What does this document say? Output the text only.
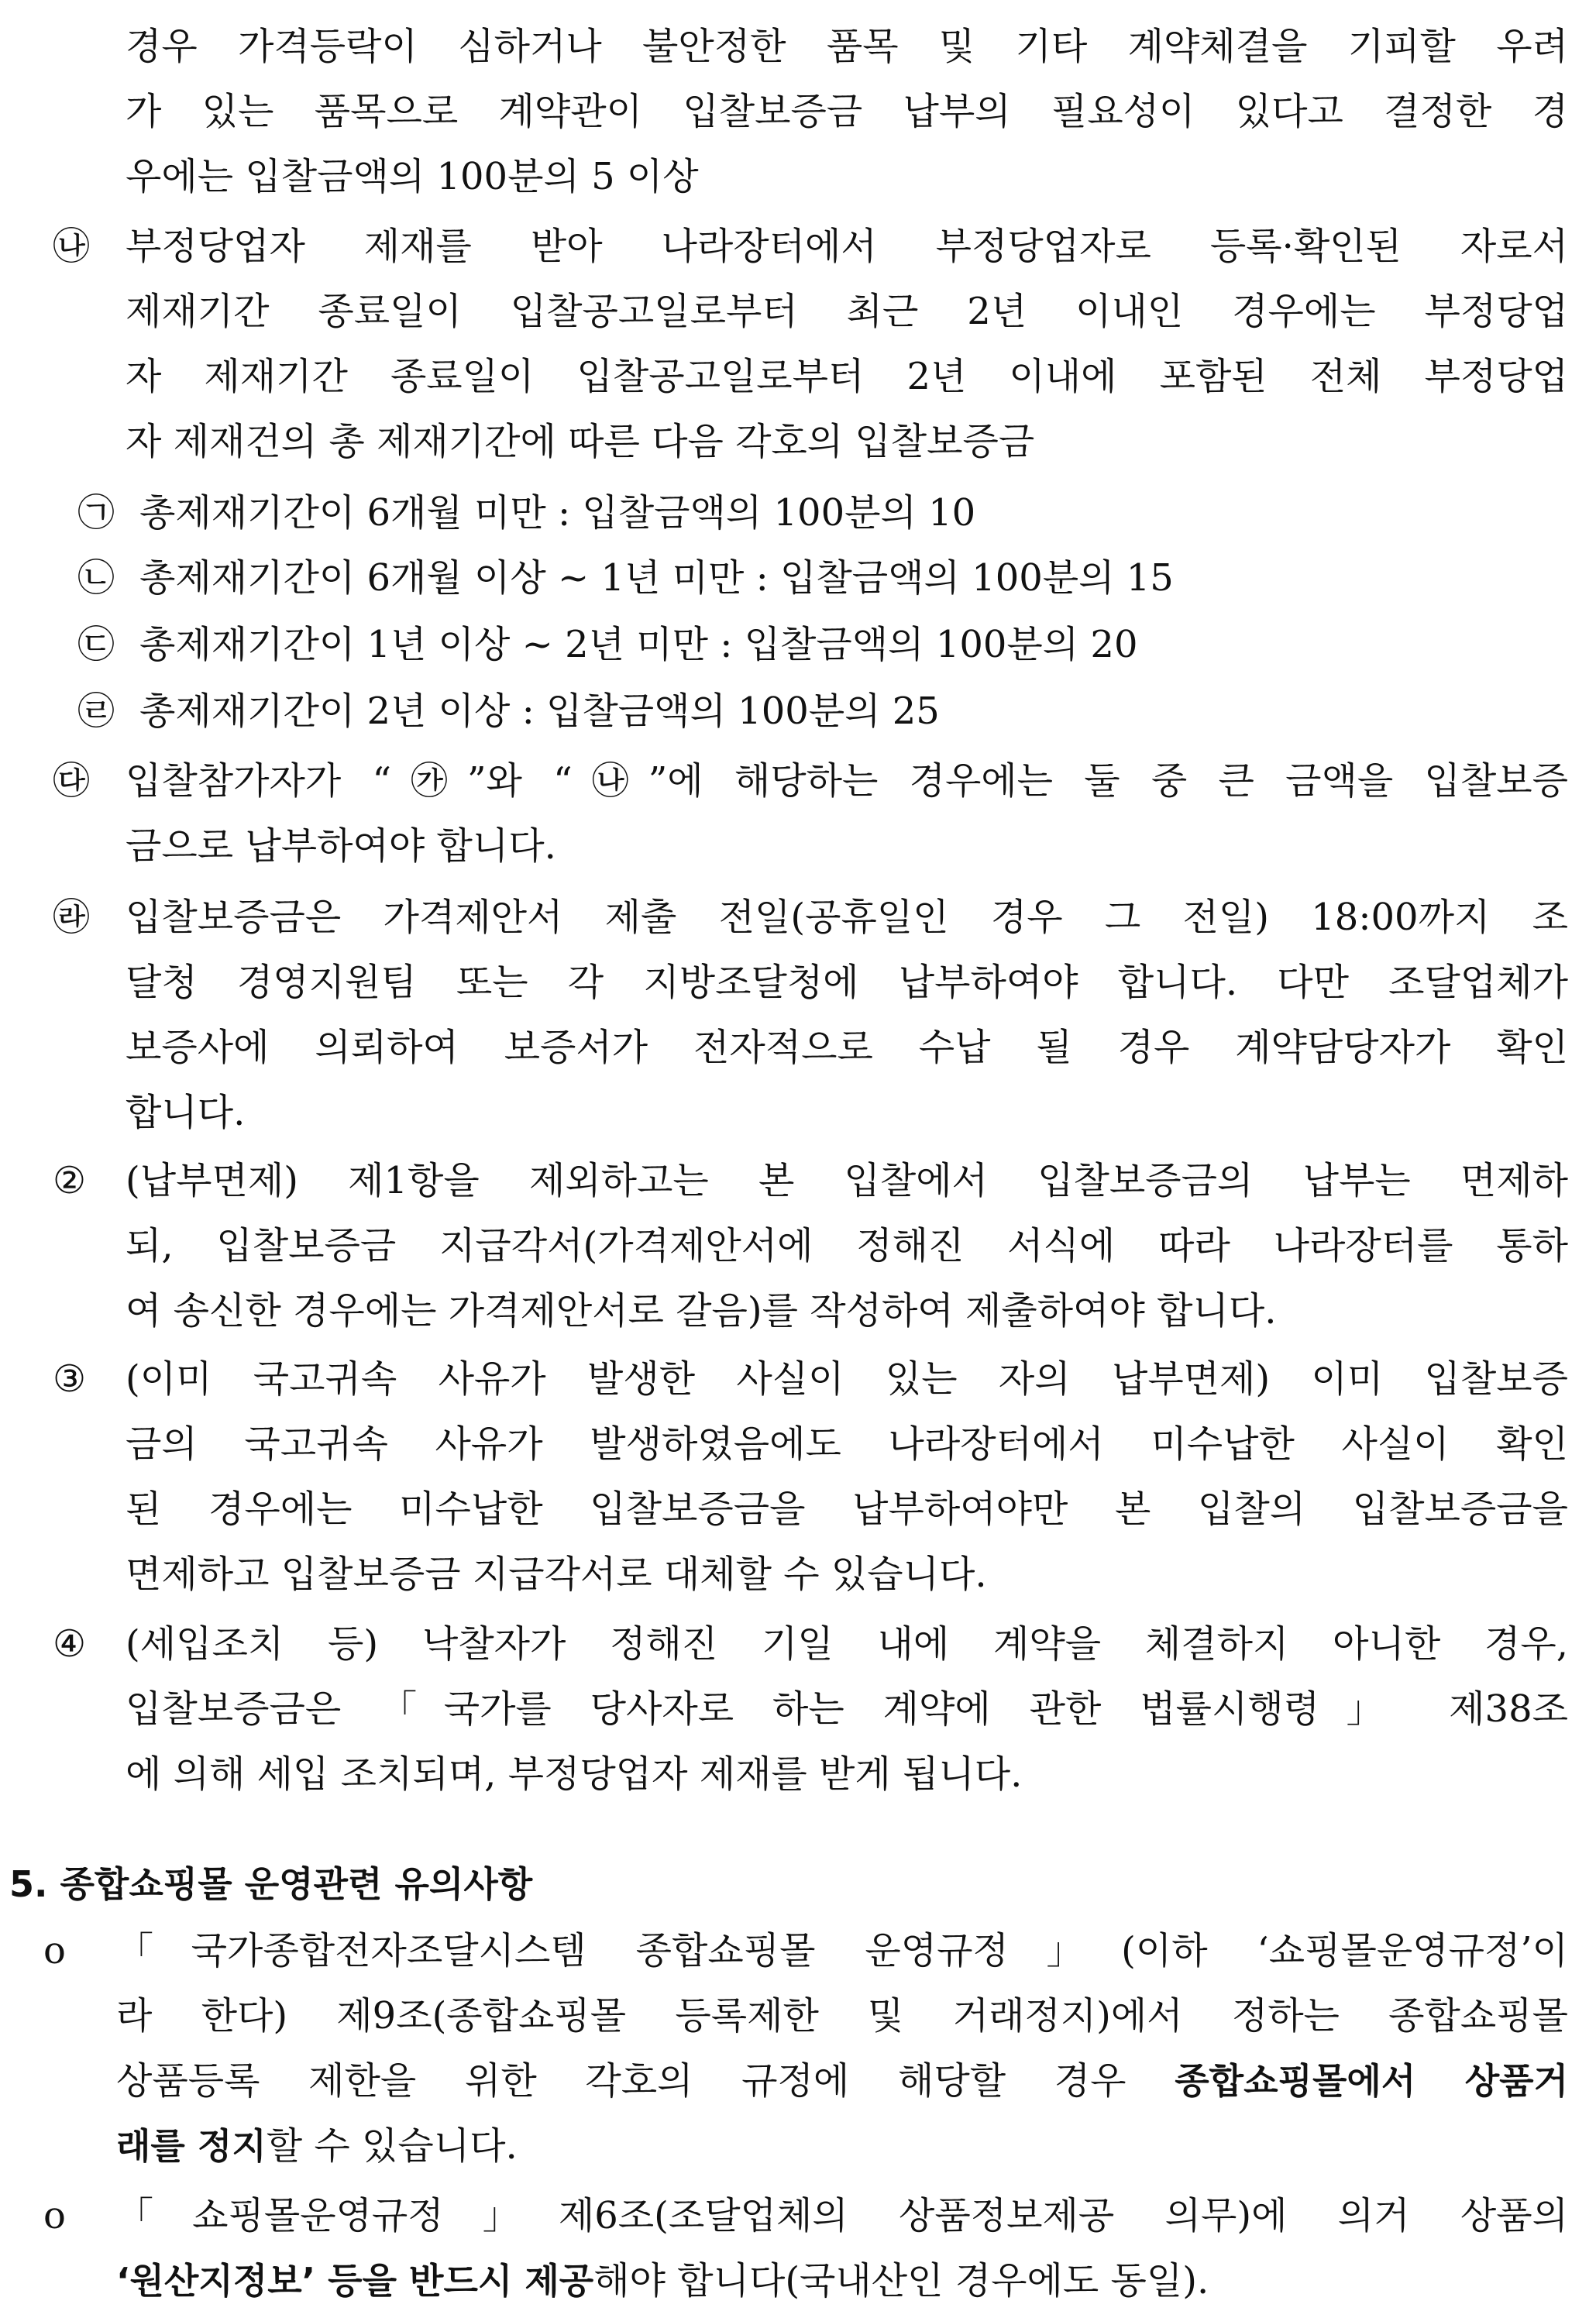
경우 가격등락이 심하거나 불안정한 품목 및 기타 계약체결을 기피할 우려
가 있는 품목으로 계약관이 입찰보증금 납부의 필요성이 있다고 결정한 경
우에는 입찰금액의 100분의 5 이상
㉯ 부정당업자 제재를 받아 나라장터에서 부정당업자로 등록·확인된 자로서
제재기간 종료일이 입찰공고일로부터 최근 2년 이내인 경우에는 부정당업
자 제재기간 종료일이 입찰공고일로부터 2년 이내에 포함된 전체 부정당업
자 제재건의 총 제재기간에 따른 다음 각호의 입찰보증금
㉠ 총제재기간이 6개월 미만 : 입찰금액의 100분의 10
㉡ 총제재기간이 6개월 이상 ~ 1년 미만 : 입찰금액의 100분의 15
㉢ 총제재기간이 1년 이상 ~ 2년 미만 : 입찰금액의 100분의 20
㉣ 총제재기간이 2년 이상 : 입찰금액의 100분의 25
㉰ 입찰참가자가 “㉮”와 “㉯”에 해당하는 경우에는 둘 중 큰 금액을 입찰보증
금으로 납부하여야 합니다.
㉱ 입찰보증금은 가격제안서 제출 전일(공휴일인 경우 그 전일) 18:00까지 조
달청 경영지원팀 또는 각 지방조달청에 납부하여야 합니다. 다만 조달업체가
보증사에 의뢰하여 보증서가 전자적으로 수납 될 경우 계약담당자가 확인
합니다.
② (납부면제) 제1항을 제외하고는 본 입찰에서 입찰보증금의 납부는 면제하
되, 입찰보증금 지급각서(가격제안서에 정해진 서식에 따라 나라장터를 통하
여 송신한 경우에는 가격제안서로 갈음)를 작성하여 제출하여야 합니다.
③ (이미 국고귀속 사유가 발생한 사실이 있는 자의 납부면제) 이미 입찰보증
금의 국고귀속 사유가 발생하였음에도 나라장터에서 미수납한 사실이 확인
된 경우에는 미수납한 입찰보증금을 납부하여야만 본 입찰의 입찰보증금을
면제하고 입찰보증금 지급각서로 대체할 수 있습니다.
④ (세입조치 등) 낙찰자가 정해진 기일 내에 계약을 체결하지 아니한 경우,
입찰보증금은 「국가를 당사자로 하는 계약에 관한 법률시행령」 제38조
에 의해 세입 조치되며, 부정당업자 제재를 받게 됩니다.
5. 종합쇼핑몰 운영관련 유의사항
o 「국가종합전자조달시스템 종합쇼핑몰 운영규정」(이하 ‘쇼핑몰운영규정’이
라 한다) 제9조(종합쇼핑몰 등록제한 및 거래정지)에서 정하는 종합쇼핑몰
상품등록 제한을 위한 각호의 규정에 해당할 경우 종합쇼핑몰에서 상품거
래를 정지할 수 있습니다.
o 「쇼핑몰운영규정」제6조(조달업체의 상품정보제공 의무)에 의거 상품의
‘원산지정보’ 등을 반드시 제공해야 합니다(국내산인 경우에도 동일).
